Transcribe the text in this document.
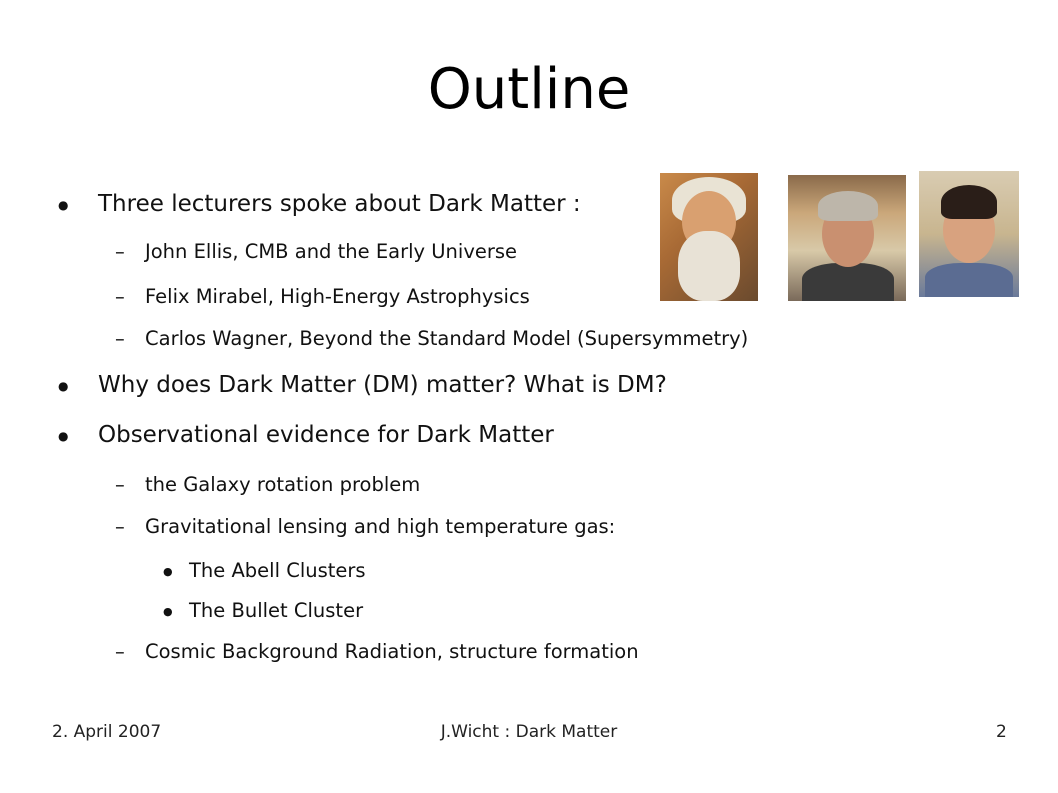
Outline
● Three lecturers spoke about Dark Matter :
– John Ellis, CMB and the Early Universe
– Felix Mirabel, High-Energy Astrophysics
– Carlos Wagner, Beyond the Standard Model (Supersymmetry)
● Why does Dark Matter (DM) matter? What is DM?
● Observational evidence for Dark Matter
– the Galaxy rotation problem
– Gravitational lensing and high temperature gas:
● The Abell Clusters
● The Bullet Cluster
– Cosmic Background Radiation, structure formation
2. April 2007	J.Wicht : Dark Matter	2
